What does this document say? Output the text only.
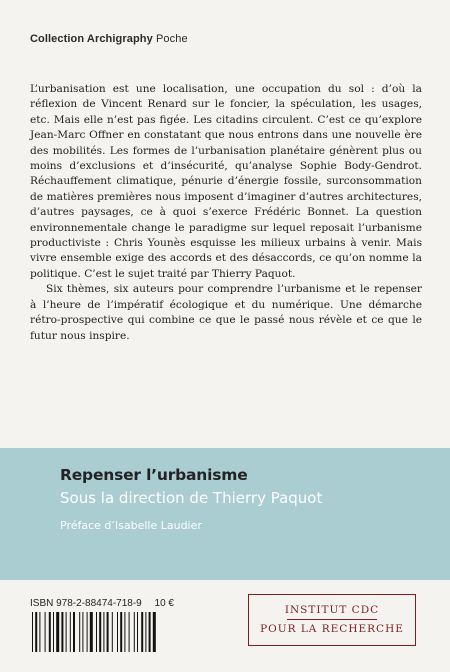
Collection Archigraphy Poche

L’urbanisation est une localisation, une occupation du sol : d’où la réflexion de Vincent Renard sur le foncier, la spéculation, les usages, etc. Mais elle n’est pas figée. Les citadins circulent. C’est ce qu’explore Jean-Marc Offner en constatant que nous entrons dans une nouvelle ère des mobilités. Les formes de l’urbanisation planétaire génèrent plus ou moins d’exclusions et d’insécurité, qu’analyse Sophie Body-Gendrot. Réchauffement climatique, pénurie d’énergie fossile, surconsommation de matières premières nous imposent d’imaginer d’autres architectures, d’autres paysages, ce à quoi s’exerce Frédéric Bonnet. La question environnementale change le paradigme sur lequel reposait l’urbanisme productiviste : Chris Younès esquisse les milieux urbains à venir. Mais vivre ensemble exige des accords et des désaccords, ce qu’on nomme la politique. C’est le sujet traité par Thierry Paquot.

Six thèmes, six auteurs pour comprendre l’urbanisme et le repenser à l’heure de l’impératif écologique et du numérique. Une démarche rétro-prospective qui combine ce que le passé nous révèle et ce que le futur nous inspire.

Repenser l’urbanisme
Sous la direction de Thierry Paquot
Préface d’Isabelle Laudier
ISBN 978-2-88474-718-9 10 €
INSTITUT CDC
POUR LA RECHERCHE
